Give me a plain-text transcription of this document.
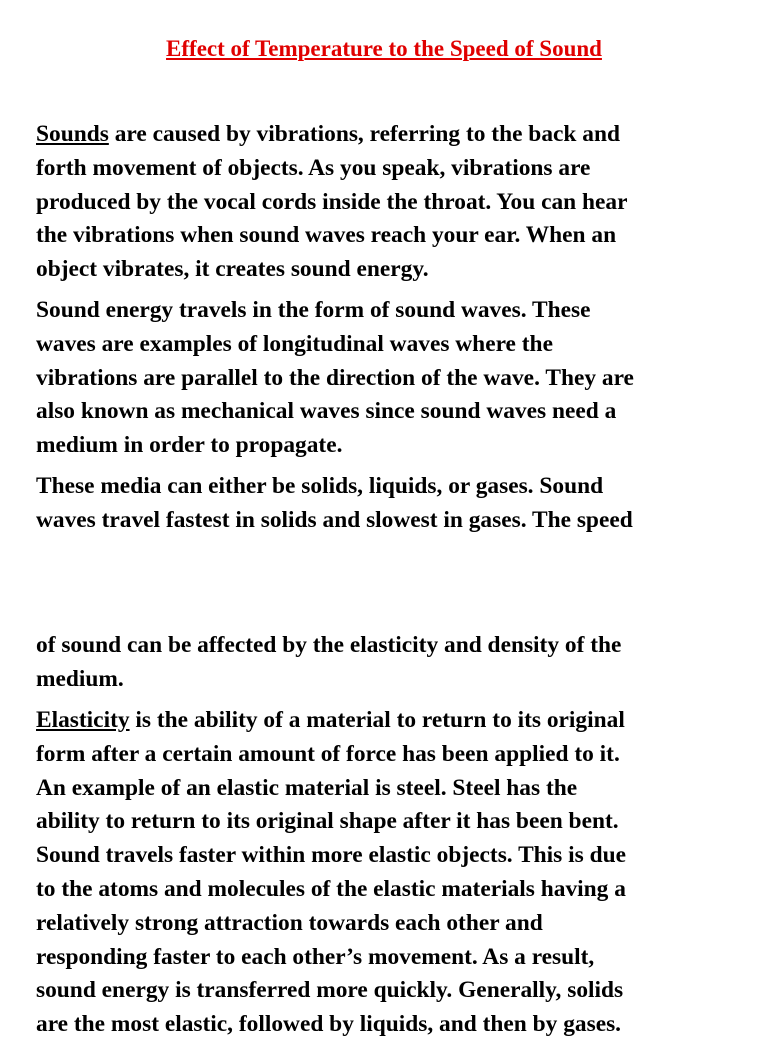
Effect of Temperature to the Speed of Sound

Sounds are caused by vibrations, referring to the back and
forth movement of objects. As you speak, vibrations are
produced by the vocal cords inside the throat. You can hear
the vibrations when sound waves reach your ear. When an
object vibrates, it creates sound energy.

Sound energy travels in the form of sound waves. These
waves are examples of longitudinal waves where the
vibrations are parallel to the direction of the wave. They are
also known as mechanical waves since sound waves need a
medium in order to propagate.

These media can either be solids, liquids, or gases. Sound
waves travel fastest in solids and slowest in gases. The speed

of sound can be affected by the elasticity and density of the
medium.

Elasticity is the ability of a material to return to its original
form after a certain amount of force has been applied to it.
An example of an elastic material is steel. Steel has the
ability to return to its original shape after it has been bent.
Sound travels faster within more elastic objects. This is due
to the atoms and molecules of the elastic materials having a
relatively strong attraction towards each other and
responding faster to each other’s movement. As a result,
sound energy is transferred more quickly. Generally, solids
are the most elastic, followed by liquids, and then by gases.
